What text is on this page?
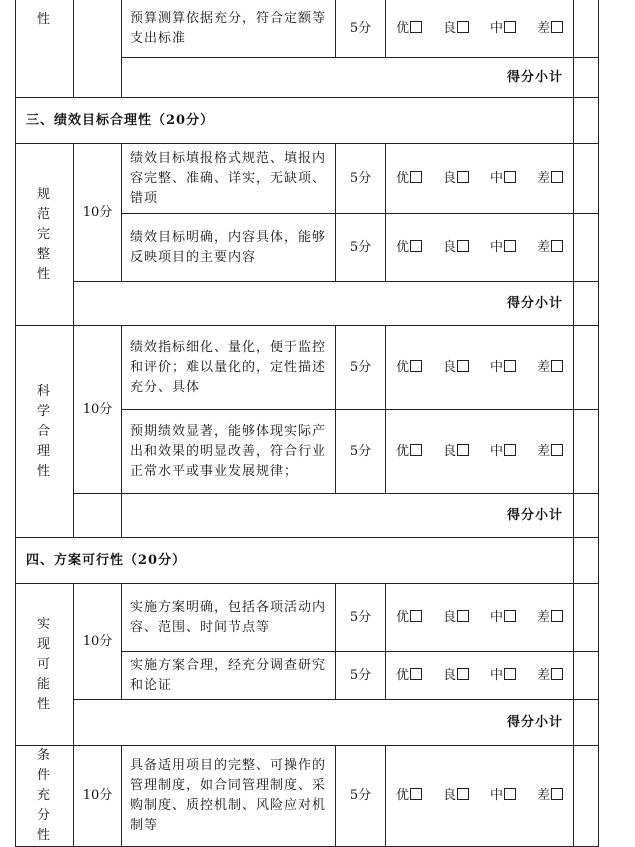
性		预算测算依据充分，符合定额等支出标准	5分	优 良 中 差	
		得分小计			
三、绩效目标合理性（20分）					
规范完整性	10分	绩效目标填报格式规范、填报内容完整、准确、详实，无缺项、错项	5分	优 良 中 差	
		绩效目标明确，内容具体，能够反映项目的主要内容	5分	优 良 中 差	
	得分小计				
科学合理性	10分	绩效指标细化、量化，便于监控和评价；难以量化的，定性描述充分、具体	5分	优 良 中 差	
		预期绩效显著，能够体现实际产出和效果的明显改善，符合行业正常水平或事业发展规律；	5分	优 良 中 差	
		得分小计			
四、方案可行性（20分）					
实现可能性	10分	实施方案明确，包括各项活动内容、范围、时间节点等	5分	优 良 中 差	
		实施方案合理，经充分调查研究和论证	5分	优 良 中 差	
	得分小计				
条件充分性	10分	具备适用项目的完整、可操作的管理制度，如合同管理制度、采购制度、质控机制、风险应对机制等	5分	优 良 中 差	
